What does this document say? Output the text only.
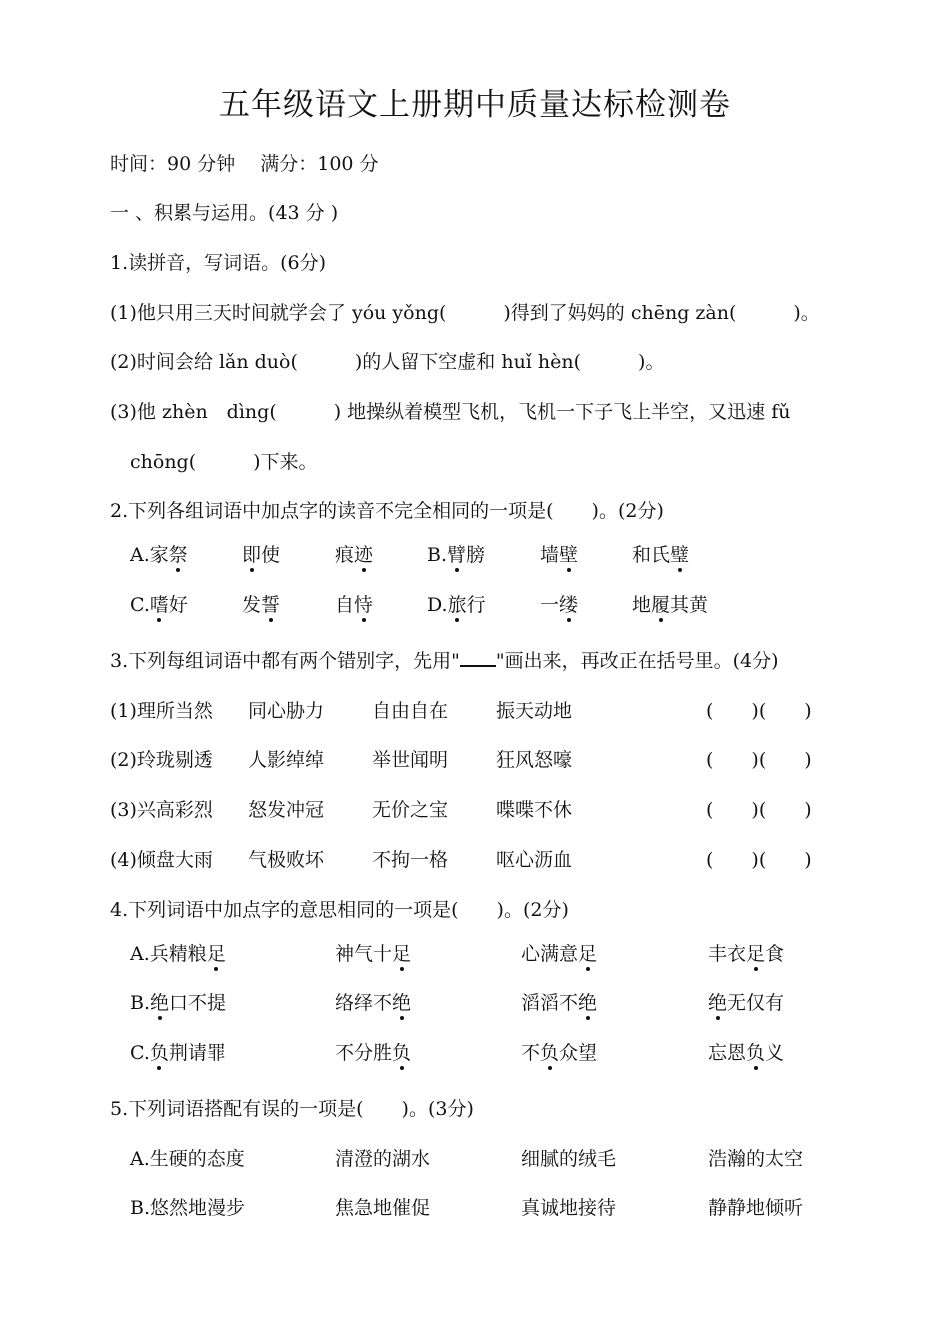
五年级语文上册期中质量达标检测卷
时间：90 分钟　 满分：100 分
一 、积累与运用。(43 分 )
1.读拼音，写词语。(6分)
(1)他只用三天时间就学会了 yóu yǒng(　　　)得到了妈妈的 chēng zàn(　　　)。
(2)时间会给 lǎn duò(　　　)的人留下空虚和 huǐ hèn(　　　)。
(3)他 zhèn　dìng(　　　) 地操纵着模型飞机，飞机一下子飞上半空，又迅速 fǔ
chōng(　　　)下来。
2.下列各组词语中加点字的读音不完全相同的一项是(　　)。(2分)
A.家祭	即使	痕迹	B.臂膀	墙壁	和氏璧
C.嗜好	发誓	自恃	D.旅行	一缕	地履其黄
3.下列每组词语中都有两个错别字，先用" "画出来，再改正在括号里。(4分)
(1)理所当然 同心胁力	自由自在	振天动地	(　　)(　　)
(2)玲珑剔透 人影绰绰	举世闻明	狂风怒嚎	(　　)(　　)
(3)兴高彩烈 怒发冲冠	无价之宝	喋喋不休	(　　)(　　)
(4)倾盘大雨 气极败坏	不拘一格	呕心沥血	(　　)(　　)
4.下列词语中加点字的意思相同的一项是(　　)。(2分)
A.兵精粮足	神气十足	心满意足	丰衣足食
B.绝口不提	络绎不绝	滔滔不绝	绝无仅有
C.负荆请罪	不分胜负	不负众望	忘恩负义
5.下列词语搭配有误的一项是(　　)。(3分)
A.生硬的态度	清澄的湖水	细腻的绒毛	浩瀚的太空
B.悠然地漫步	焦急地催促	真诚地接待	静静地倾听
